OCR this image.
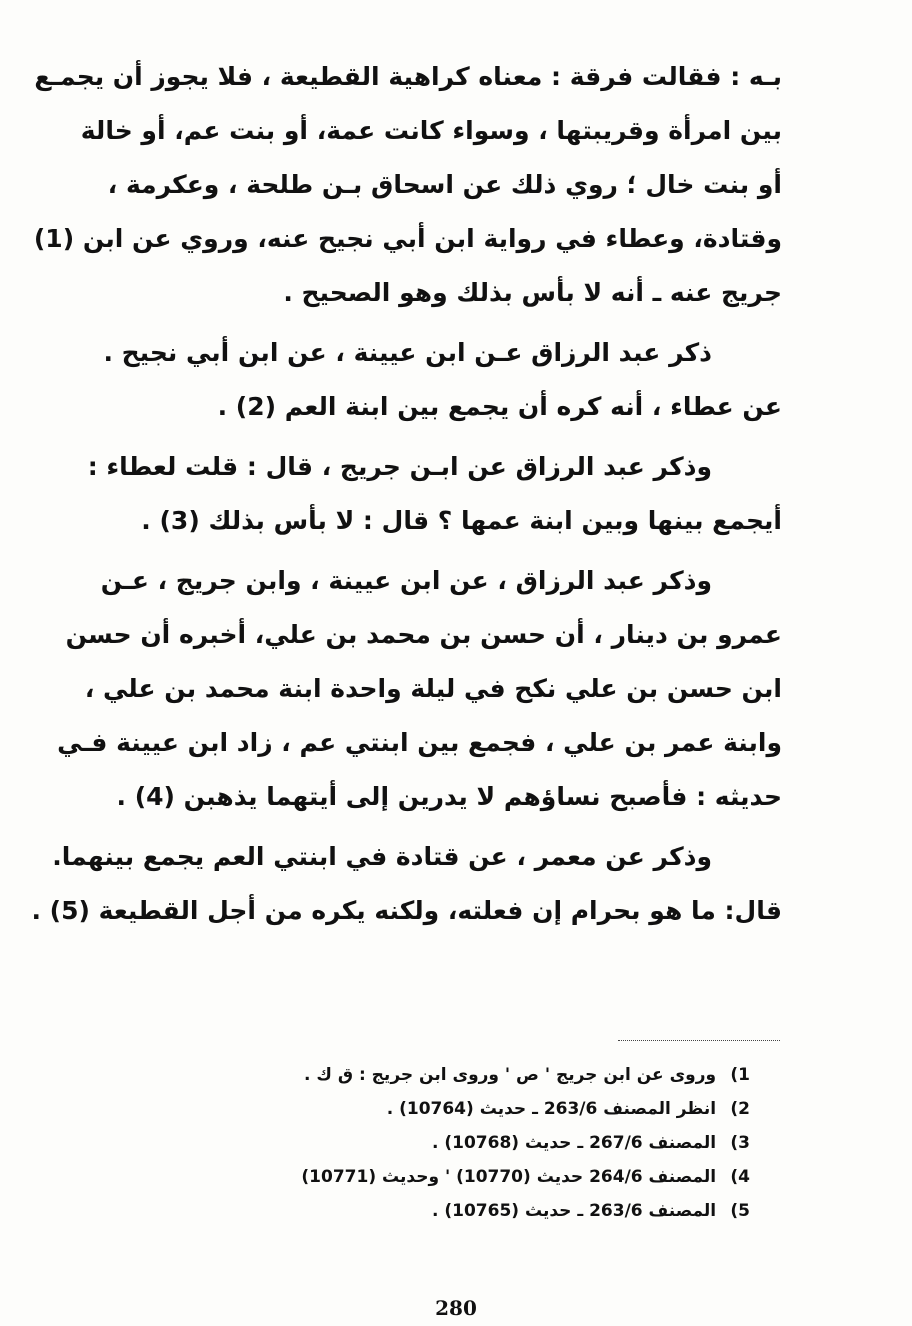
بـه : فقالت فرقة : معناه كراهية القطيعة ، فلا يجوز أن يجمـع
بين امرأة وقريبتها ، وسواء كانت عمة، أو بنت عم، أو خالة
أو بنت خال ؛ روي ذلك عن اسحاق بـن طلحة ، وعكرمة ،
وقتادة، وعطاء في رواية ابن أبي نجيح عنه، وروي عن ابن (1)
جريج عنه ـ أنه لا بأس بذلك وهو الصحيح .
ذكر عبد الرزاق عـن ابن عيينة ، عن ابن أبي نجيح .
عن عطاء ، أنه كره أن يجمع بين ابنة العم (2) .
وذكر عبد الرزاق عن ابـن جريج ، قال : قلت لعطاء :
أيجمع بينها وبين ابنة عمها ؟ قال : لا بأس بذلك (3) .
وذكر عبد الرزاق ، عن ابن عيينة ، وابن جريج ، عـن
عمرو بن دينار ، أن حسن بن محمد بن علي، أخبره أن حسن
ابن حسن بن علي نكح في ليلة واحدة ابنة محمد بن علي ،
وابنة عمر بن علي ، فجمع بين ابنتي عم ، زاد ابن عيينة فـي
حديثه : فأصبح نساؤهم لا يدرين إلى أيتهما يذهبن (4) .
وذكر عن معمر ، عن قتادة في ابنتي العم يجمع بينهما.
قال: ما هو بحرام إن فعلته، ولكنه يكره من أجل القطيعة (5) .
1) وروى عن ابن جريج ' ص ' وروى ابن جريج : ق ك .
2) انظر المصنف 263/6 ـ حديث (10764) .
3) المصنف 267/6 ـ حديث (10768) .
4) المصنف 264/6 حديث (10770) ' وحديث (10771)
5) المصنف 263/6 ـ حديث (10765) .
280
